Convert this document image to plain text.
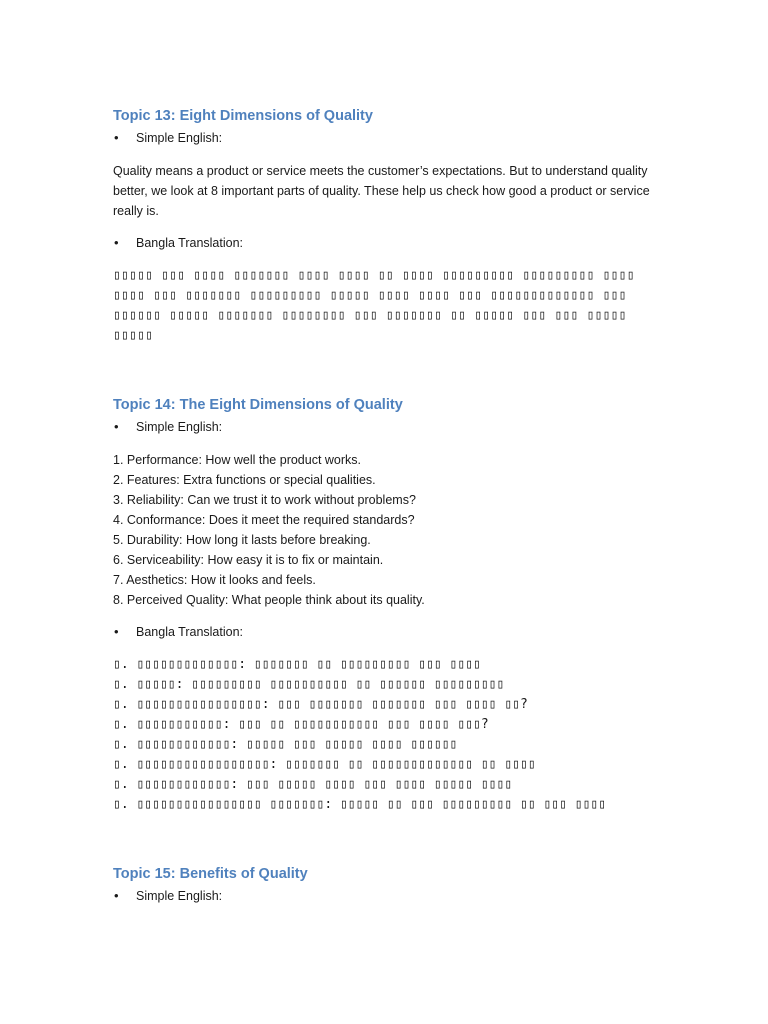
Topic 13: Eight Dimensions of Quality
• Simple English:

Quality means a product or service meets the customer’s expectations. But to understand quality better, we look at 8 important parts of quality. These help us check how good a product or service really is.

• Bangla Translation:

▯▯▯▯▯ ▯▯▯ ▯▯▯▯ ▯▯▯▯▯▯▯ ▯▯▯▯ ▯▯▯▯ ▯▯ ▯▯▯▯ ▯▯▯▯▯▯▯▯▯ ▯▯▯▯▯▯▯▯▯ ▯▯▯▯ ▯▯▯▯ ▯▯▯ ▯▯▯▯▯▯▯ ▯▯▯▯▯▯▯▯▯ ▯▯▯▯▯ ▯▯▯▯ ▯▯▯▯ ▯▯▯ ▯▯▯▯▯▯▯▯▯▯▯▯▯ ▯▯▯ ▯▯▯▯▯▯ ▯▯▯▯▯ ▯▯▯▯▯▯▯ ▯▯▯▯▯▯▯▯ ▯▯▯ ▯▯▯▯▯▯▯ ▯▯ ▯▯▯▯▯ ▯▯▯ ▯▯▯ ▯▯▯▯▯ ▯▯▯▯▯

Topic 14: The Eight Dimensions of Quality
• Simple English:
1. Performance: How well the product works.
2. Features: Extra functions or special qualities.
3. Reliability: Can we trust it to work without problems?
4. Conformance: Does it meet the required standards?
5. Durability: How long it lasts before breaking.
6. Serviceability: How easy it is to fix or maintain.
7. Aesthetics: How it looks and feels.
8. Perceived Quality: What people think about its quality.
• Bangla Translation:
▯. ▯▯▯▯▯▯▯▯▯▯▯▯▯: ▯▯▯▯▯▯▯ ▯▯ ▯▯▯▯▯▯▯▯▯ ▯▯▯ ▯▯▯▯
▯. ▯▯▯▯▯: ▯▯▯▯▯▯▯▯▯ ▯▯▯▯▯▯▯▯▯▯ ▯▯ ▯▯▯▯▯▯ ▯▯▯▯▯▯▯▯▯
▯. ▯▯▯▯▯▯▯▯▯▯▯▯▯▯▯▯: ▯▯▯ ▯▯▯▯▯▯▯ ▯▯▯▯▯▯▯ ▯▯▯ ▯▯▯▯ ▯▯?
▯. ▯▯▯▯▯▯▯▯▯▯▯: ▯▯▯ ▯▯ ▯▯▯▯▯▯▯▯▯▯▯ ▯▯▯ ▯▯▯▯ ▯▯▯?
▯. ▯▯▯▯▯▯▯▯▯▯▯▯: ▯▯▯▯▯ ▯▯▯ ▯▯▯▯▯ ▯▯▯▯ ▯▯▯▯▯▯
▯. ▯▯▯▯▯▯▯▯▯▯▯▯▯▯▯▯▯: ▯▯▯▯▯▯▯ ▯▯ ▯▯▯▯▯▯▯▯▯▯▯▯▯ ▯▯ ▯▯▯▯
▯. ▯▯▯▯▯▯▯▯▯▯▯▯: ▯▯▯ ▯▯▯▯▯ ▯▯▯▯ ▯▯▯ ▯▯▯▯ ▯▯▯▯▯ ▯▯▯▯
▯. ▯▯▯▯▯▯▯▯▯▯▯▯▯▯▯▯ ▯▯▯▯▯▯▯: ▯▯▯▯▯ ▯▯ ▯▯▯ ▯▯▯▯▯▯▯▯▯ ▯▯ ▯▯▯ ▯▯▯▯
Topic 15: Benefits of Quality
• Simple English:
